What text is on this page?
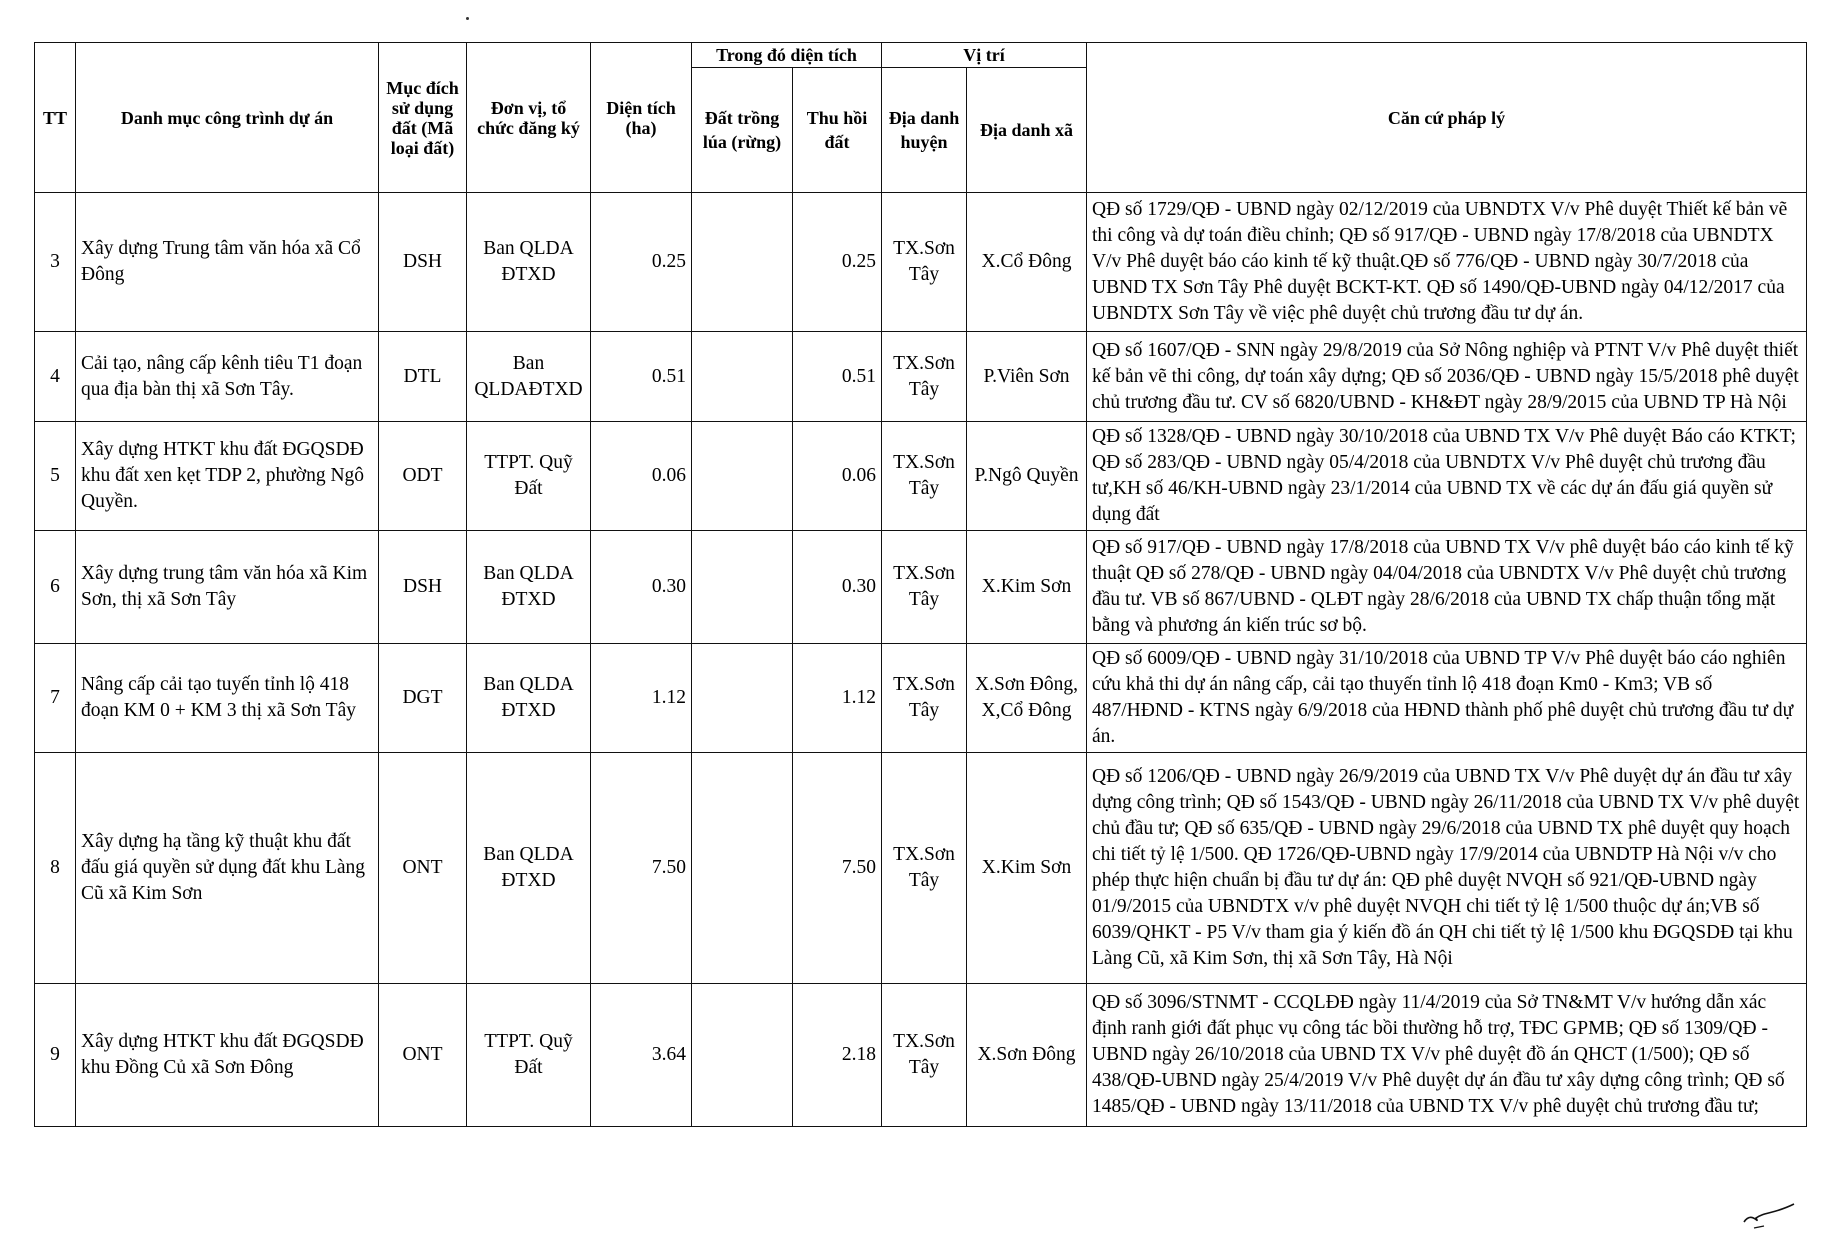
TT	Danh mục công trình dự án	Mục đích sử dụng đất (Mã loại đất)	Đơn vị, tổ chức đăng ký	Diện tích (ha)	Trong đó diện tích		Vị trí		Căn cứ pháp lý
					Đất trồng lúa (rừng)	Thu hồi đất	Địa danh huyện	Địa danh xã	
3	Xây dựng Trung tâm văn hóa xã Cổ Đông	DSH	Ban QLDA ĐTXD	0.25		0.25	TX.Sơn Tây	X.Cổ Đông	QĐ số 1729/QĐ - UBND ngày 02/12/2019 của UBNDTX V/v Phê duyệt Thiết kế bản vẽ thi công và dự toán điều chỉnh; QĐ số 917/QĐ - UBND ngày 17/8/2018 của UBNDTX V/v Phê duyệt báo cáo kinh tế kỹ thuật.QĐ số 776/QĐ - UBND ngày 30/7/2018 của UBND TX Sơn Tây Phê duyệt BCKT-KT. QĐ số 1490/QĐ-UBND ngày 04/12/2017 của UBNDTX Sơn Tây về việc phê duyệt chủ trương đầu tư dự án.
4	Cải tạo, nâng cấp kênh tiêu T1 đoạn qua địa bàn thị xã Sơn Tây.	DTL	Ban QLDAĐTXD	0.51		0.51	TX.Sơn Tây	P.Viên Sơn	QĐ số 1607/QĐ - SNN ngày 29/8/2019 của Sở Nông nghiệp và PTNT V/v Phê duyệt thiết kế bản vẽ thi công, dự toán xây dựng; QĐ số 2036/QĐ - UBND ngày 15/5/2018 phê duyệt chủ trương đầu tư. CV số 6820/UBND - KH&ĐT ngày 28/9/2015 của UBND TP Hà Nội
5	Xây dựng HTKT khu đất ĐGQSDĐ khu đất xen kẹt TDP 2, phường Ngô Quyền.	ODT	TTPT. Quỹ Đất	0.06		0.06	TX.Sơn Tây	P.Ngô Quyền	QĐ số 1328/QĐ - UBND ngày 30/10/2018 của UBND TX V/v Phê duyệt Báo cáo KTKT; QĐ số 283/QĐ - UBND ngày 05/4/2018 của UBNDTX V/v Phê duyệt chủ trương đầu tư,KH số 46/KH-UBND ngày 23/1/2014 của UBND TX về các dự án đấu giá quyền sử dụng đất
6	Xây dựng trung tâm văn hóa xã Kim Sơn, thị xã Sơn Tây	DSH	Ban QLDA ĐTXD	0.30		0.30	TX.Sơn Tây	X.Kim Sơn	QĐ số 917/QĐ - UBND ngày 17/8/2018 của UBND TX V/v phê duyệt báo cáo kinh tế kỹ thuật QĐ số 278/QĐ - UBND ngày 04/04/2018 của UBNDTX V/v Phê duyệt chủ trương đầu tư. VB số 867/UBND - QLĐT ngày 28/6/2018 của UBND TX chấp thuận tổng mặt bằng và phương án kiến trúc sơ bộ.
7	Nâng cấp cải tạo tuyến tỉnh lộ 418 đoạn KM 0 + KM 3 thị xã Sơn Tây	DGT	Ban QLDA ĐTXD	1.12		1.12	TX.Sơn Tây	X.Sơn Đông, X,Cổ Đông	QĐ số 6009/QĐ - UBND ngày 31/10/2018 của UBND TP V/v Phê duyệt báo cáo nghiên cứu khả thi dự án nâng cấp, cải tạo thuyến tỉnh lộ 418 đoạn Km0 - Km3; VB số 487/HĐND - KTNS ngày 6/9/2018 của HĐND thành phố phê duyệt chủ trương đầu tư dự án.
8	Xây dựng hạ tầng kỹ thuật khu đất đấu giá quyền sử dụng đất khu Làng Cũ xã Kim Sơn	ONT	Ban QLDA ĐTXD	7.50		7.50	TX.Sơn Tây	X.Kim Sơn	QĐ số 1206/QĐ - UBND ngày 26/9/2019 của UBND TX V/v Phê duyệt dự án đầu tư xây dựng công trình; QĐ số 1543/QĐ - UBND ngày 26/11/2018 của UBND TX V/v phê duyệt chủ đầu tư; QĐ số 635/QĐ - UBND ngày 29/6/2018 của UBND TX phê duyệt quy hoạch chi tiết tỷ lệ 1/500. QĐ 1726/QĐ-UBND ngày 17/9/2014 của UBNDTP Hà Nội v/v cho phép thực hiện chuẩn bị đầu tư dự án: QĐ phê duyệt NVQH số 921/QĐ-UBND ngày 01/9/2015 của UBNDTX v/v phê duyệt NVQH chi tiết tỷ lệ 1/500 thuộc dự án;VB số 6039/QHKT - P5 V/v tham gia ý kiến đồ án QH chi tiết tỷ lệ 1/500 khu ĐGQSDĐ tại khu Làng Cũ, xã Kim Sơn, thị xã Sơn Tây, Hà Nội
9	Xây dựng HTKT khu đất ĐGQSDĐ khu Đồng Củ xã Sơn Đông	ONT	TTPT. Quỹ Đất	3.64		2.18	TX.Sơn Tây	X.Sơn Đông	QĐ số 3096/STNMT - CCQLĐĐ ngày 11/4/2019 của Sở TN&MT V/v hướng dẫn xác định ranh giới đất phục vụ công tác bồi thường hỗ trợ, TĐC GPMB; QĐ số 1309/QĐ - UBND ngày 26/10/2018 của UBND TX V/v phê duyệt đồ án QHCT (1/500); QĐ số 438/QĐ-UBND ngày 25/4/2019 V/v Phê duyệt dự án đầu tư xây dựng công trình; QĐ số 1485/QĐ - UBND ngày 13/11/2018 của UBND TX V/v phê duyệt chủ trương đầu tư;
